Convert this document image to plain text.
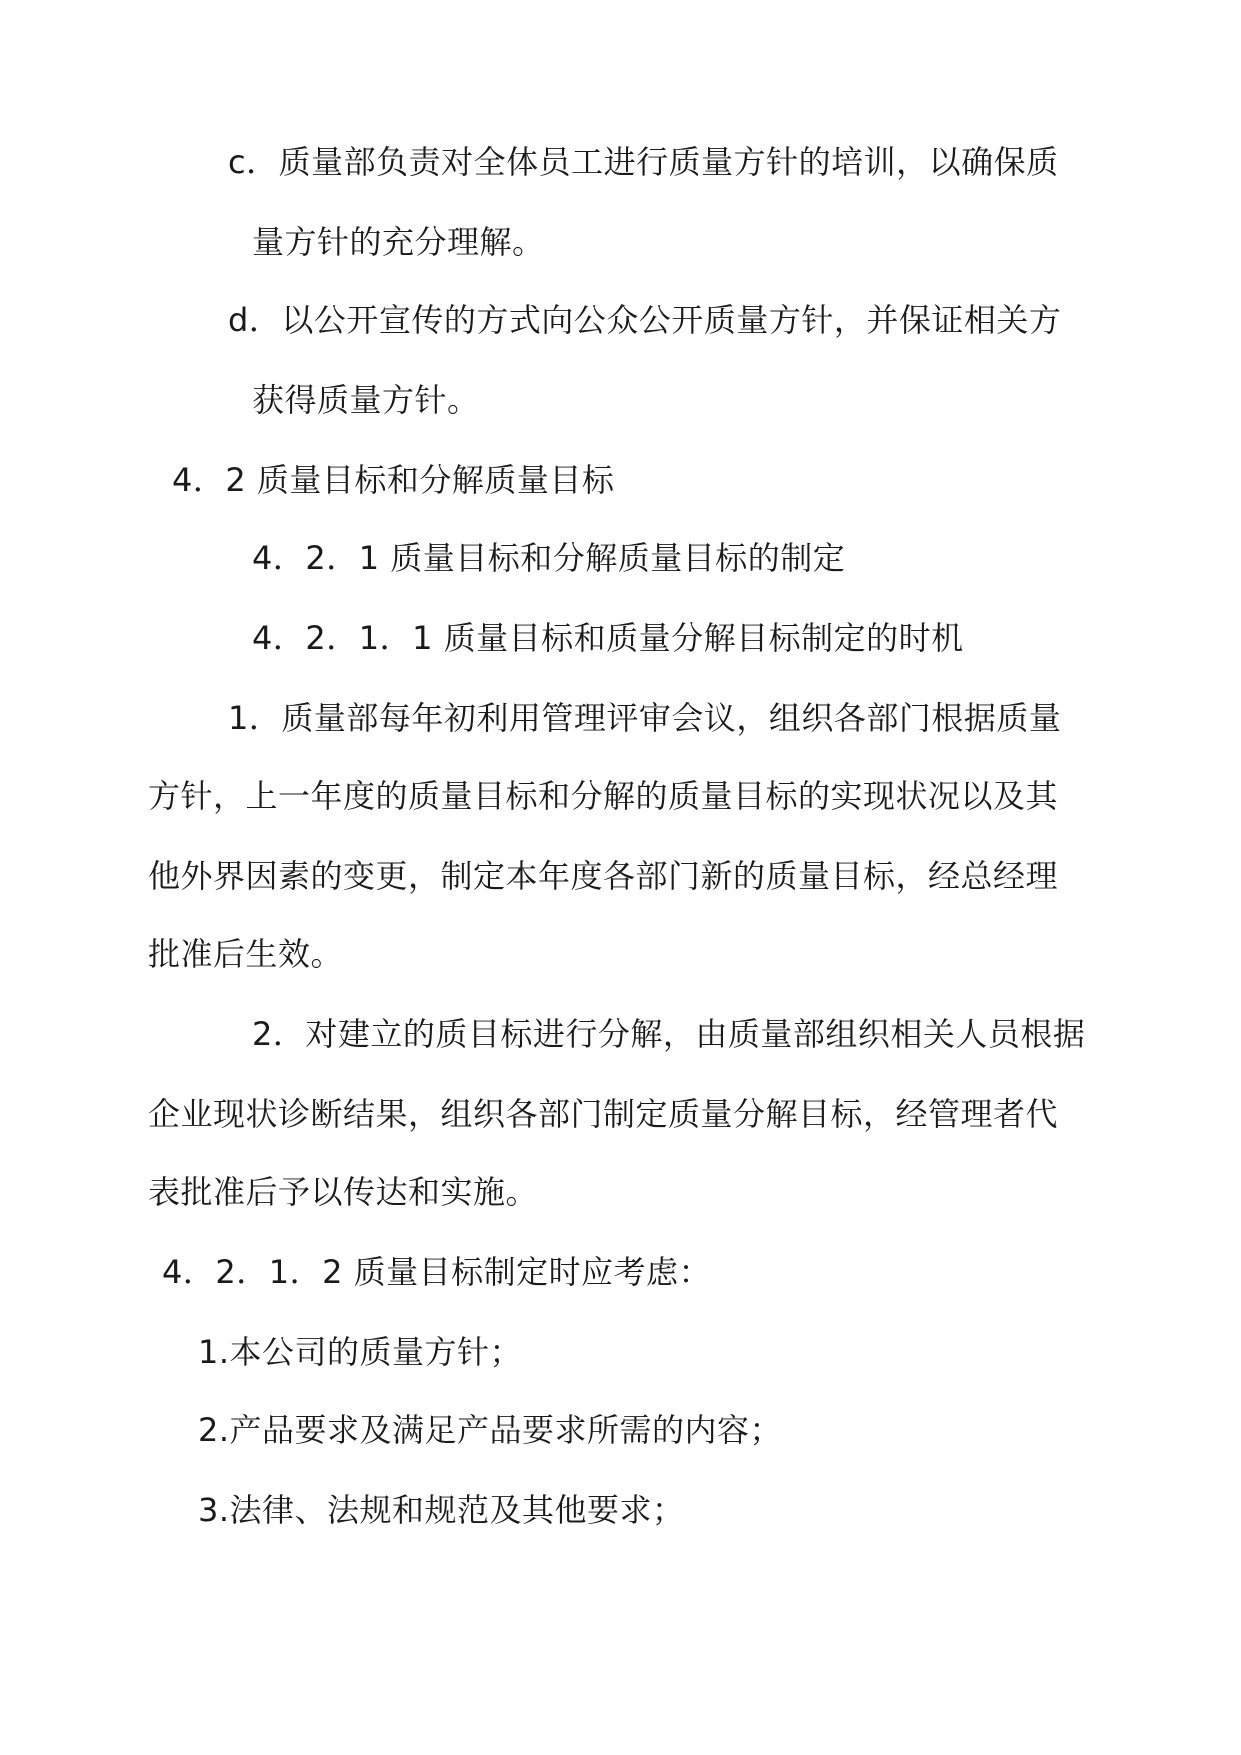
c．质量部负责对全体员工进行质量方针的培训，以确保质
量方针的充分理解。
d．以公开宣传的方式向公众公开质量方针，并保证相关方
获得质量方针。
4．2 质量目标和分解质量目标
4．2．1 质量目标和分解质量目标的制定
4．2．1．1 质量目标和质量分解目标制定的时机
1．质量部每年初利用管理评审会议，组织各部门根据质量
方针，上一年度的质量目标和分解的质量目标的实现状况以及其
他外界因素的变更，制定本年度各部门新的质量目标，经总经理
批准后生效。
2．对建立的质目标进行分解，由质量部组织相关人员根据
企业现状诊断结果，组织各部门制定质量分解目标，经管理者代
表批准后予以传达和实施。
4．2．1．2 质量目标制定时应考虑：
1.本公司的质量方针；
2.产品要求及满足产品要求所需的内容；
3.法律、法规和规范及其他要求；
